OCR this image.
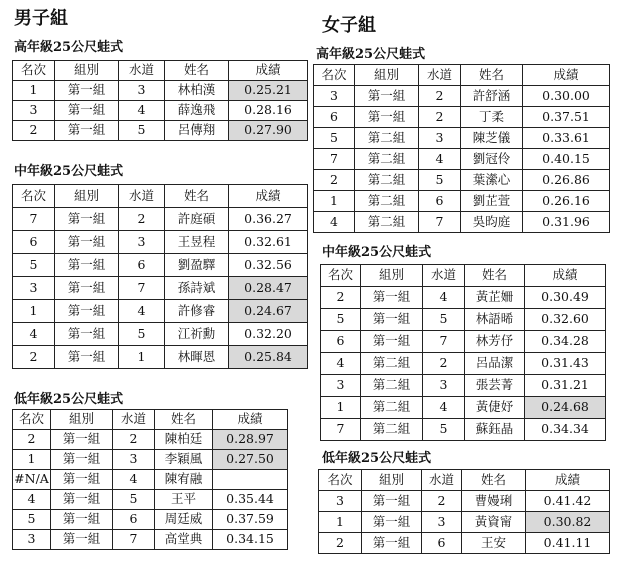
男子組	女子組
高年級25公尺蛙式
名次	組別	水道	姓名	成績
1	第一組	3	林柏漢	0.25.21
3	第一組	4	薛逸飛	0.28.16
2	第一組	5	呂傳翔	0.27.90
中年級25公尺蛙式
名次	組別	水道	姓名	成績
7	第一組	2	許庭碩	0.36.27
6	第一組	3	王昱程	0.32.61
5	第一組	6	劉盈驛	0.32.56
3	第一組	7	孫詩斌	0.28.47
1	第一組	4	許修睿	0.24.67
4	第一組	5	江祈勳	0.32.20
2	第一組	1	林暉恩	0.25.84
低年級25公尺蛙式
名次	組別	水道	姓名	成績
2	第一組	2	陳柏廷	0.28.97
1	第一組	3	李穎風	0.27.50
#N/A	第一組	4	陳宥融	
4	第一組	5	王平	0.35.44
5	第一組	6	周廷威	0.37.59
3	第一組	7	高堂典	0.34.15
高年級25公尺蛙式
名次	組別	水道	姓名	成績
3	第一組	2	許舒涵	0.30.00
6	第一組	2	丁柔	0.37.51
5	第二組	3	陳芝儀	0.33.61
7	第二組	4	劉冠伶	0.40.15
2	第二組	5	葉瀠心	0.26.86
1	第二組	6	劉芷萱	0.26.16
4	第二組	7	吳昀庭	0.31.96
中年級25公尺蛙式
名次	組別	水道	姓名	成績
2	第一組	4	黃芷姍	0.30.49
5	第一組	5	林語晞	0.32.60
6	第一組	7	林芳伃	0.34.28
4	第二組	2	呂品潔	0.31.43
3	第二組	3	張芸菁	0.31.21
1	第二組	4	黃倢妤	0.24.68
7	第二組	5	蘇鈺晶	0.34.34
低年級25公尺蛙式
名次	組別	水道	姓名	成績
3	第一組	2	曹嫚琍	0.41.42
1	第一組	3	黃資甯	0.30.82
2	第一組	6	王安	0.41.11
